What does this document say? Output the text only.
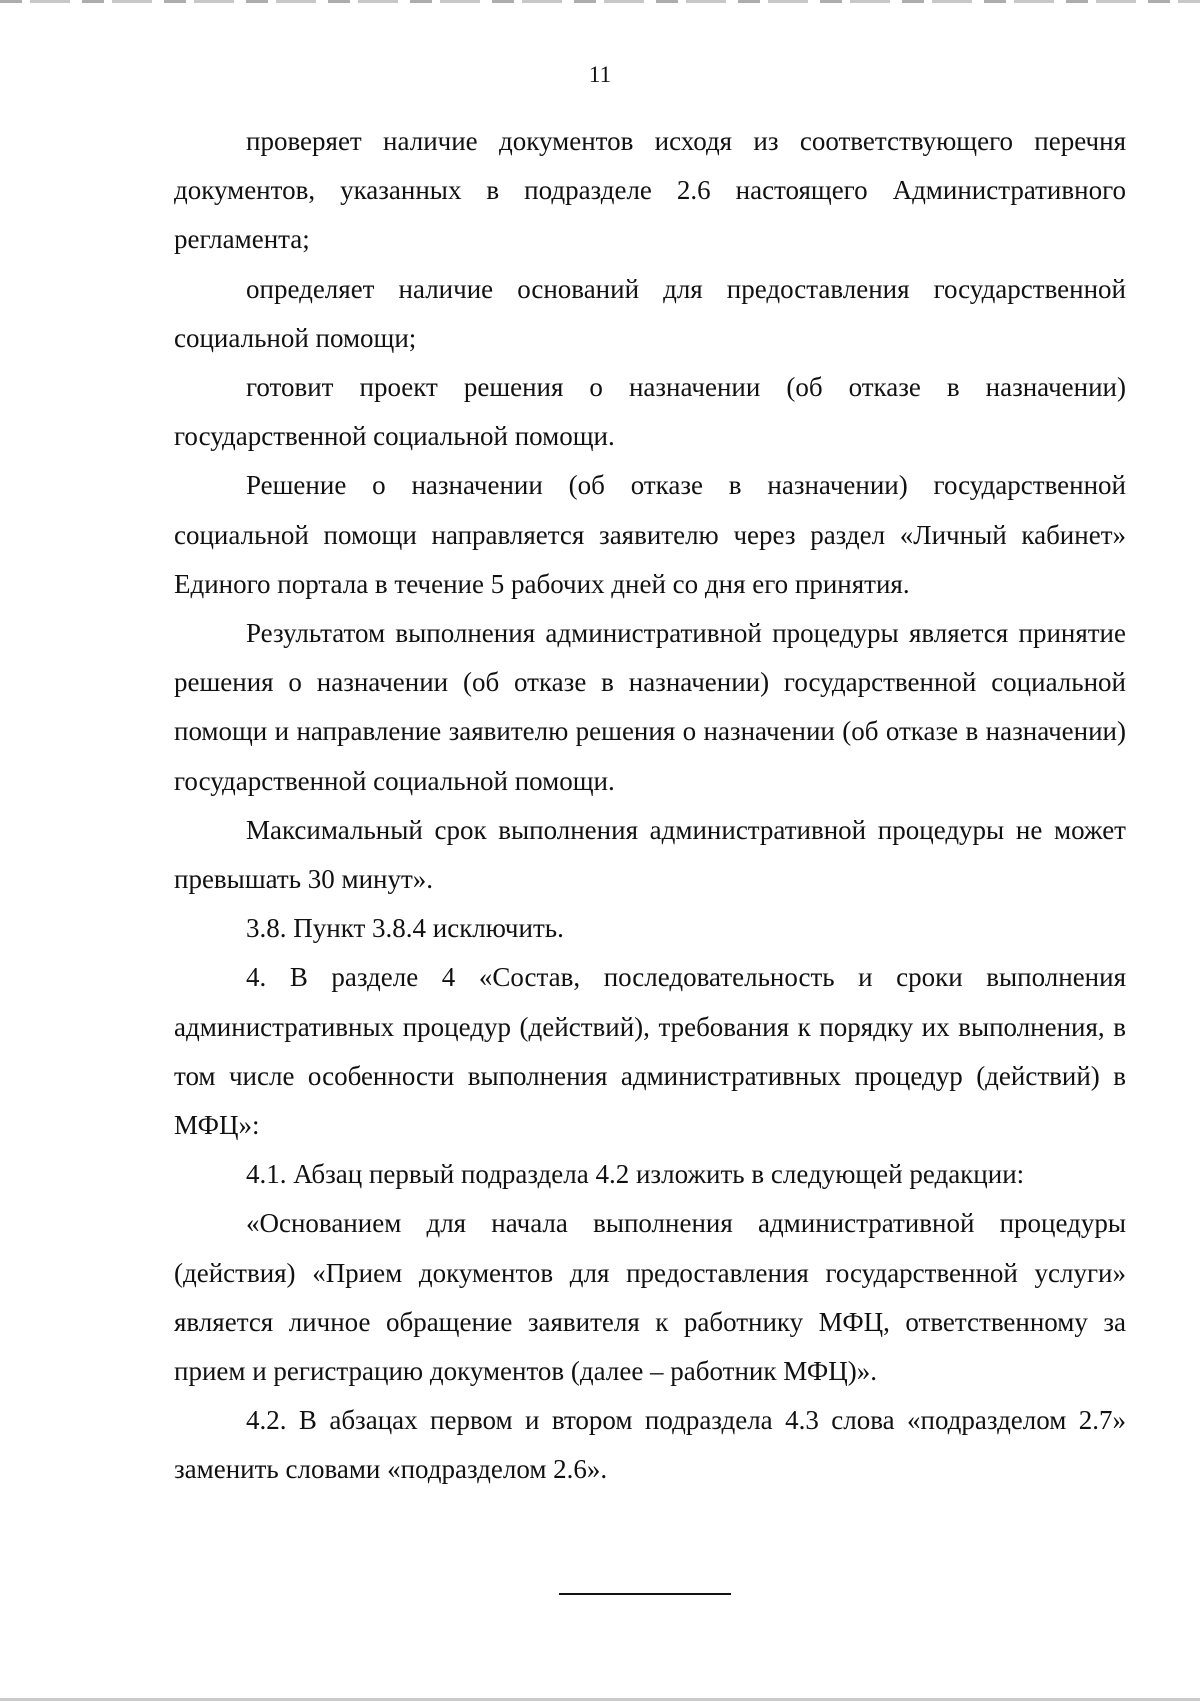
11

проверяет наличие документов исходя из соответствующего перечня документов, указанных в подразделе 2.6 настоящего Административного регламента;

определяет наличие оснований для предоставления государственной социальной помощи;

готовит проект решения о назначении (об отказе в назначении) государственной социальной помощи.

Решение о назначении (об отказе в назначении) государственной социальной помощи направляется заявителю через раздел «Личный кабинет» Единого портала в течение 5 рабочих дней со дня его принятия.

Результатом выполнения административной процедуры является принятие решения о назначении (об отказе в назначении) государственной социальной помощи и направление заявителю решения о назначении (об отказе в назначении) государственной социальной помощи.

Максимальный срок выполнения административной процедуры не может превышать 30 минут».

3.8. Пункт 3.8.4 исключить.

4. В разделе 4 «Состав, последовательность и сроки выполнения административных процедур (действий), требования к порядку их выполнения, в том числе особенности выполнения административных процедур (действий) в МФЦ»:

4.1. Абзац первый подраздела 4.2 изложить в следующей редакции:

«Основанием для начала выполнения административной процедуры (действия) «Прием документов для предоставления государственной услуги» является личное обращение заявителя к работнику МФЦ, ответственному за прием и регистрацию документов (далее – работник МФЦ)».

4.2. В абзацах первом и втором подраздела 4.3 слова «подразделом 2.7» заменить словами «подразделом 2.6».
